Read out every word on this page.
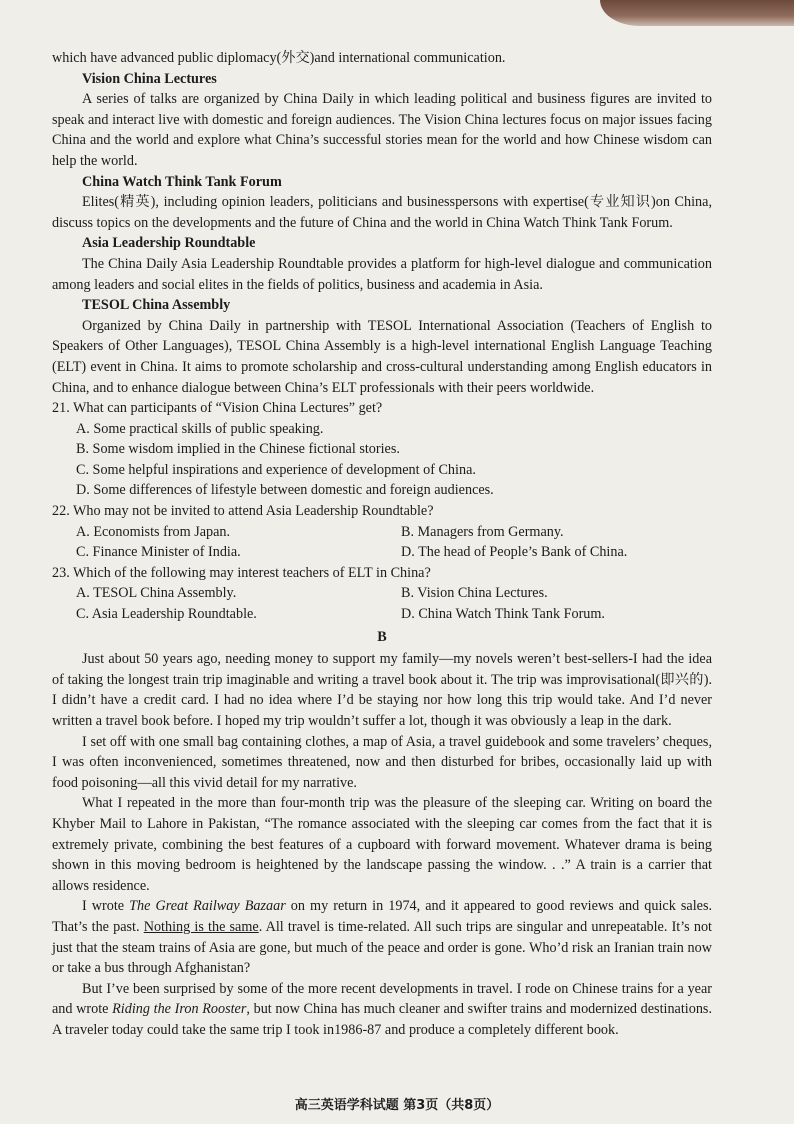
which have advanced public diplomacy(外交)and international communication.

Vision China Lectures

A series of talks are organized by China Daily in which leading political and business figures are invited to speak and interact live with domestic and foreign audiences. The Vision China lectures focus on major issues facing China and the world and explore what China’s successful stories mean for the world and how Chinese wisdom can help the world.

China Watch Think Tank Forum

Elites(精英), including opinion leaders, politicians and businesspersons with expertise(专业知识)on China, discuss topics on the developments and the future of China and the world in China Watch Think Tank Forum.

Asia Leadership Roundtable

The China Daily Asia Leadership Roundtable provides a platform for high-level dialogue and communication among leaders and social elites in the fields of politics, business and academia in Asia.

TESOL China Assembly

Organized by China Daily in partnership with TESOL International Association (Teachers of English to Speakers of Other Languages), TESOL China Assembly is a high-level international English Language Teaching (ELT) event in China. It aims to promote scholarship and cross-cultural understanding among English educators in China, and to enhance dialogue between China’s ELT professionals with their peers worldwide.

21. What can participants of “Vision China Lectures” get?

A. Some practical skills of public speaking.

B. Some wisdom implied in the Chinese fictional stories.

C. Some helpful inspirations and experience of development of China.

D. Some differences of lifestyle between domestic and foreign audiences.

22. Who may not be invited to attend Asia Leadership Roundtable?

A. Economists from Japan.	B. Managers from Germany.
C. Finance Minister of India.	D. The head of People’s Bank of China.

23. Which of the following may interest teachers of ELT in China?

A. TESOL China Assembly.	B. Vision China Lectures.
C. Asia Leadership Roundtable.	D. China Watch Think Tank Forum.

B

Just about 50 years ago, needing money to support my family—my novels weren’t best-sellers-I had the idea of taking the longest train trip imaginable and writing a travel book about it. The trip was improvisational(即兴的). I didn’t have a credit card. I had no idea where I’d be staying nor how long this trip would take. And I’d never written a travel book before. I hoped my trip wouldn’t suffer a lot, though it was obviously a leap in the dark.

I set off with one small bag containing clothes, a map of Asia, a travel guidebook and some travelers’ cheques, I was often inconvenienced, sometimes threatened, now and then disturbed for bribes, occasionally laid up with food poisoning—all this vivid detail for my narrative.

What I repeated in the more than four-month trip was the pleasure of the sleeping car. Writing on board the Khyber Mail to Lahore in Pakistan, “The romance associated with the sleeping car comes from the fact that it is extremely private, combining the best features of a cupboard with forward movement. Whatever drama is being shown in this moving bedroom is heightened by the landscape passing the window. . .” A train is a carrier that allows residence.

I wrote The Great Railway Bazaar on my return in 1974, and it appeared to good reviews and quick sales. That’s the past. Nothing is the same. All travel is time-related. All such trips are singular and unrepeatable. It’s not just that the steam trains of Asia are gone, but much of the peace and order is gone. Who’d risk an Iranian train now or take a bus through Afghanistan?

But I’ve been surprised by some of the more recent developments in travel. I rode on Chinese trains for a year and wrote Riding the Iron Rooster, but now China has much cleaner and swifter trains and modernized destinations. A traveler today could take the same trip I took in1986-87 and produce a completely different book.

高三英语学科试题 第3页（共8页）
